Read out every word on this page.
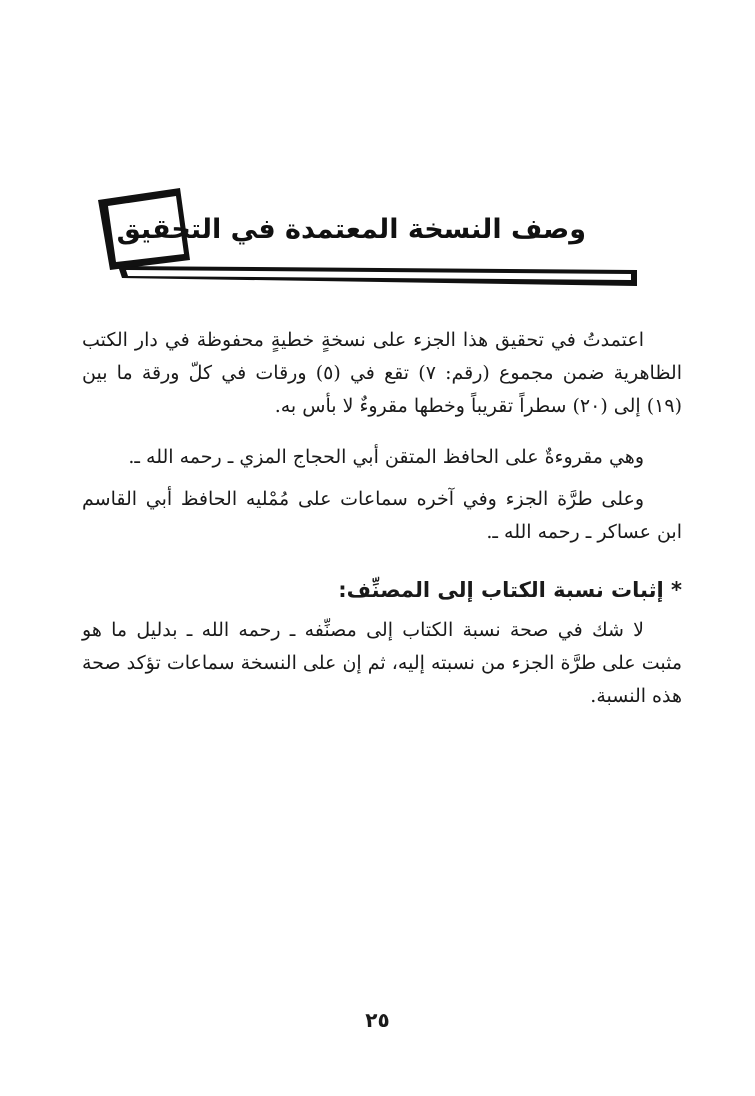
وصف النسخة المعتمدة في التحقيق

اعتمدتُ في تحقيق هذا الجزء على نسخةٍ خطيةٍ محفوظة في دار الكتب الظاهرية ضمن مجموع (رقم: ٧) تقع في (٥) ورقات في كلّ ورقة ما بين (١٩) إلى (٢٠) سطراً تقريباً وخطها مقروءٌ لا بأس به.

وهي مقروءةٌ على الحافظ المتقن أبي الحجاج المزي ـ رحمه الله ـ.

وعلى طرَّة الجزء وفي آخره سماعات على مُمْليه الحافظ أبي القاسم ابن عساكر ـ رحمه الله ـ.

* إثبات نسبة الكتاب إلى المصنِّف:

لا شك في صحة نسبة الكتاب إلى مصنِّفه ـ رحمه الله ـ بدليل ما هو مثبت على طرَّة الجزء من نسبته إليه، ثم إن على النسخة سماعات تؤكد صحة هذه النسبة.

٢٥
